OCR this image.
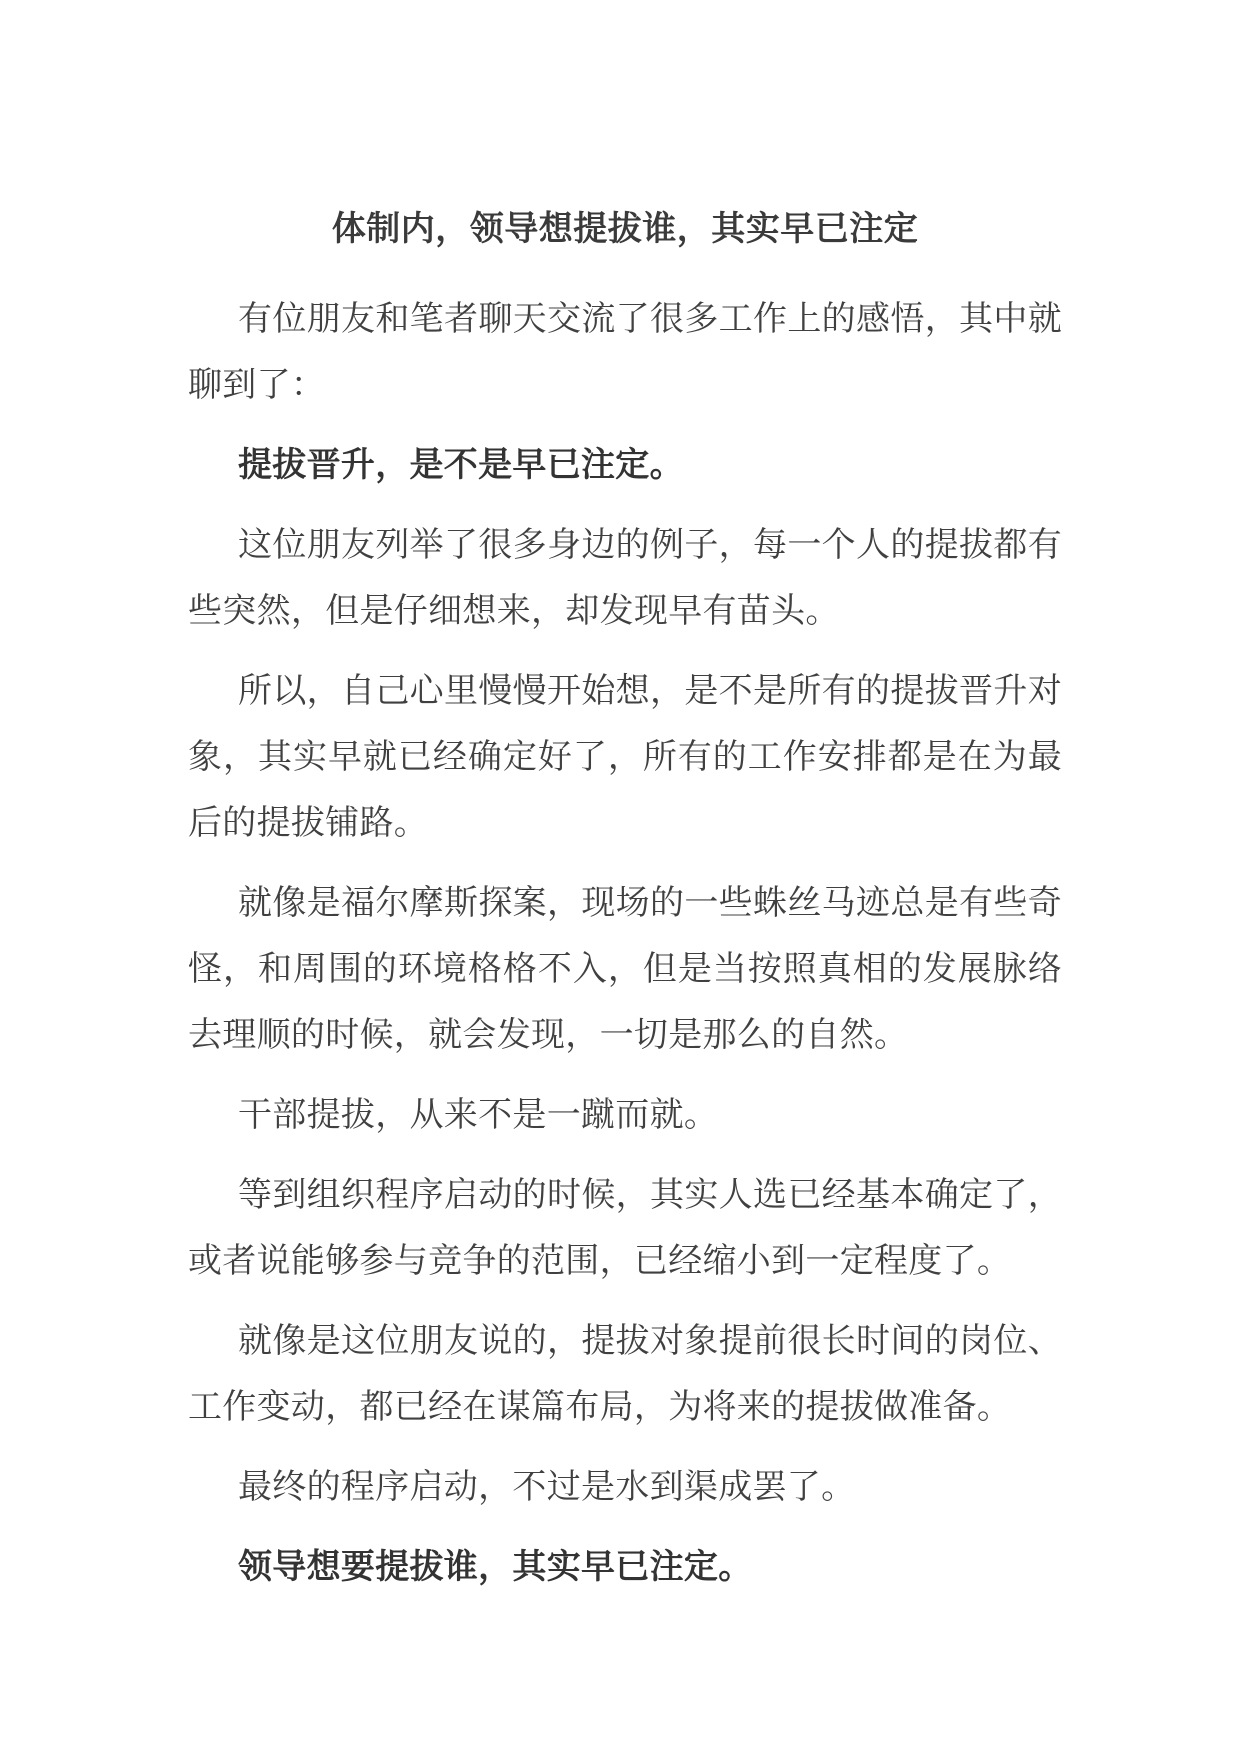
体制内，领导想提拔谁，其实早已注定

有位朋友和笔者聊天交流了很多工作上的感悟，其中就聊到了：

提拔晋升，是不是早已注定。

这位朋友列举了很多身边的例子，每一个人的提拔都有些突然，但是仔细想来，却发现早有苗头。

所以，自己心里慢慢开始想，是不是所有的提拔晋升对象，其实早就已经确定好了，所有的工作安排都是在为最后的提拔铺路。

就像是福尔摩斯探案，现场的一些蛛丝马迹总是有些奇怪，和周围的环境格格不入，但是当按照真相的发展脉络去理顺的时候，就会发现，一切是那么的自然。

干部提拔，从来不是一蹴而就。

等到组织程序启动的时候，其实人选已经基本确定了，或者说能够参与竞争的范围，已经缩小到一定程度了。

就像是这位朋友说的，提拔对象提前很长时间的岗位、工作变动，都已经在谋篇布局，为将来的提拔做准备。

最终的程序启动，不过是水到渠成罢了。

领导想要提拔谁，其实早已注定。
